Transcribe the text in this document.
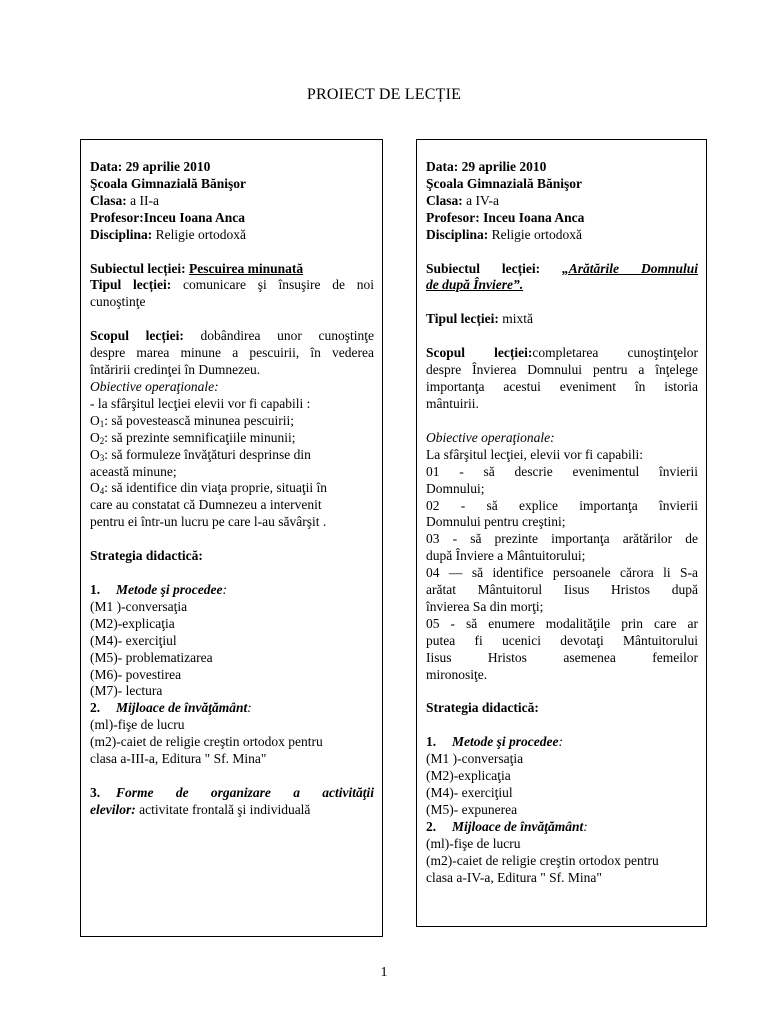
PROIECT DE LECȚIE

Data: 29 aprilie 2010

Şcoala Gimnazială Bănişor

Clasa: a II-a

Profesor:Inceu Ioana Anca

Disciplina: Religie ortodoxă

Subiectul lecției: Pescuirea minunată

Tipul lecției: comunicare şi însuşire de noi

cunoştinţe

Scopul lecției: dobândirea unor cunoştinţe

despre marea minune a pescuirii, în vederea

întăririi credinţei în Dumnezeu.

Obiective operaţionale:

- la sfârşitul lecţiei elevii vor fi capabili :

$O_1$: să povestească minunea pescuirii;

$O_2$: să prezinte semnificaţiile minunii;

$O_3$: să formuleze învăţături desprinse din

această minune;

$O_4$: să identifice din viaţa proprie, situaţii în

care au constatat că Dumnezeu a intervenit

pentru ei într-un lucru pe care l-au săvârşit .

Strategia didactică:

1. Metode şi procedee:

(M1 )-conversaţia

(M2)-explicaţia

(M4)- exerciţiul

(M5)- problematizarea

(M6)- povestirea

(M7)- lectura

2. Mijloace de învăţământ:

(ml)-fişe de lucru

(m2)-caiet de religie creştin ortodox pentru

clasa a-III-a, Editura " Sf. Mina"

3. Forme de organizare a activităţii

elevilor: activitate frontală şi individuală

Data: 29 aprilie 2010

Şcoala Gimnazială Bănişor

Clasa: a IV-a

Profesor: Inceu Ioana Anca

Disciplina: Religie ortodoxă

Subiectul lecției: „Arătările Domnului

de după Înviere”.

Tipul lecției: mixtă

Scopul lecției:completarea cunoştinţelor

despre Învierea Domnului pentru a înţelege

importanţa acestui eveniment în istoria

mântuirii.

Obiective operaţionale:

La sfârşitul lecţiei, elevii vor fi capabili:

01 - să descrie evenimentul învierii

Domnului;

02 - să explice importanţa învierii

Domnului pentru creştini;

03 - să prezinte importanţa arătărilor de

după Înviere a Mântuitorului;

04 — să identifice persoanele cărora li S-a

arătat Mântuitorul Iisus Hristos după

învierea Sa din morţi;

05 - să enumere modalităţile prin care ar

putea fi ucenici devotaţi Mântuitorului

Iisus Hristos asemenea femeilor

mironosiţe.

Strategia didactică:

1. Metode şi procedee:

(M1 )-conversaţia

(M2)-explicaţia

(M4)- exerciţiul

(M5)- expunerea

2. Mijloace de învăţământ:

(ml)-fişe de lucru

(m2)-caiet de religie creştin ortodox pentru

clasa a-IV-a, Editura " Sf. Mina"

1
